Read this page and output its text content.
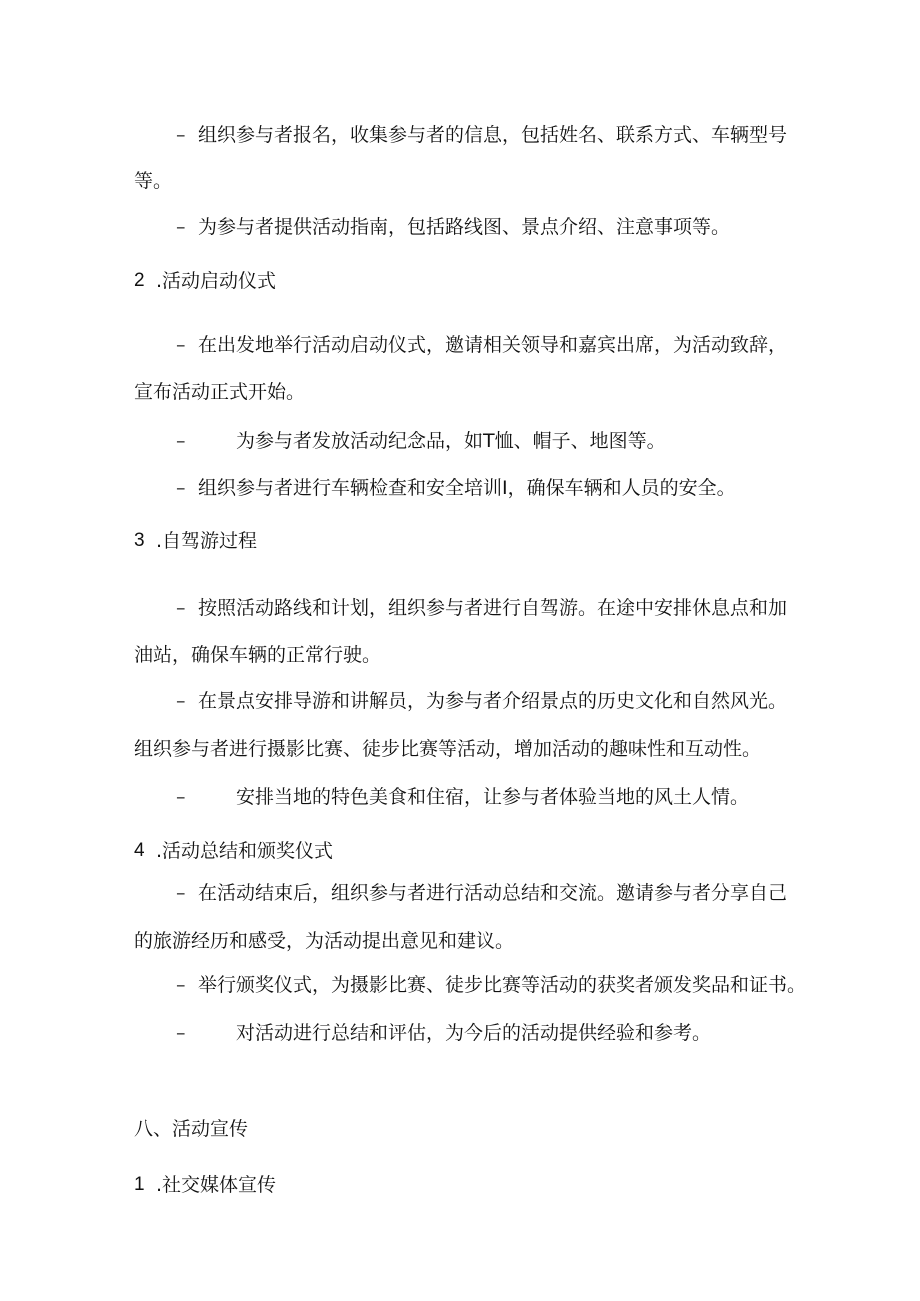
– 组织参与者报名，收集参与者的信息，包括姓名、联系方式、车辆型号
等。
– 为参与者提供活动指南，包括路线图、景点介绍、注意事项等。
2 .活动启动仪式
– 在出发地举行活动启动仪式，邀请相关领导和嘉宾出席，为活动致辞，
宣布活动正式开始。
–	为参与者发放活动纪念品，如T恤、帽子、地图等。
– 组织参与者进行车辆检查和安全培训I，确保车辆和人员的安全。
3 .自驾游过程
– 按照活动路线和计划，组织参与者进行自驾游。在途中安排休息点和加
油站，确保车辆的正常行驶。
– 在景点安排导游和讲解员，为参与者介绍景点的历史文化和自然风光。
组织参与者进行摄影比赛、徒步比赛等活动，增加活动的趣味性和互动性。
–	安排当地的特色美食和住宿，让参与者体验当地的风土人情。
4 .活动总结和颁奖仪式
– 在活动结束后，组织参与者进行活动总结和交流。邀请参与者分享自己
的旅游经历和感受，为活动提出意见和建议。
– 举行颁奖仪式，为摄影比赛、徒步比赛等活动的获奖者颁发奖品和证书。
–	对活动进行总结和评估，为今后的活动提供经验和参考。
八、活动宣传
1 .社交媒体宣传
